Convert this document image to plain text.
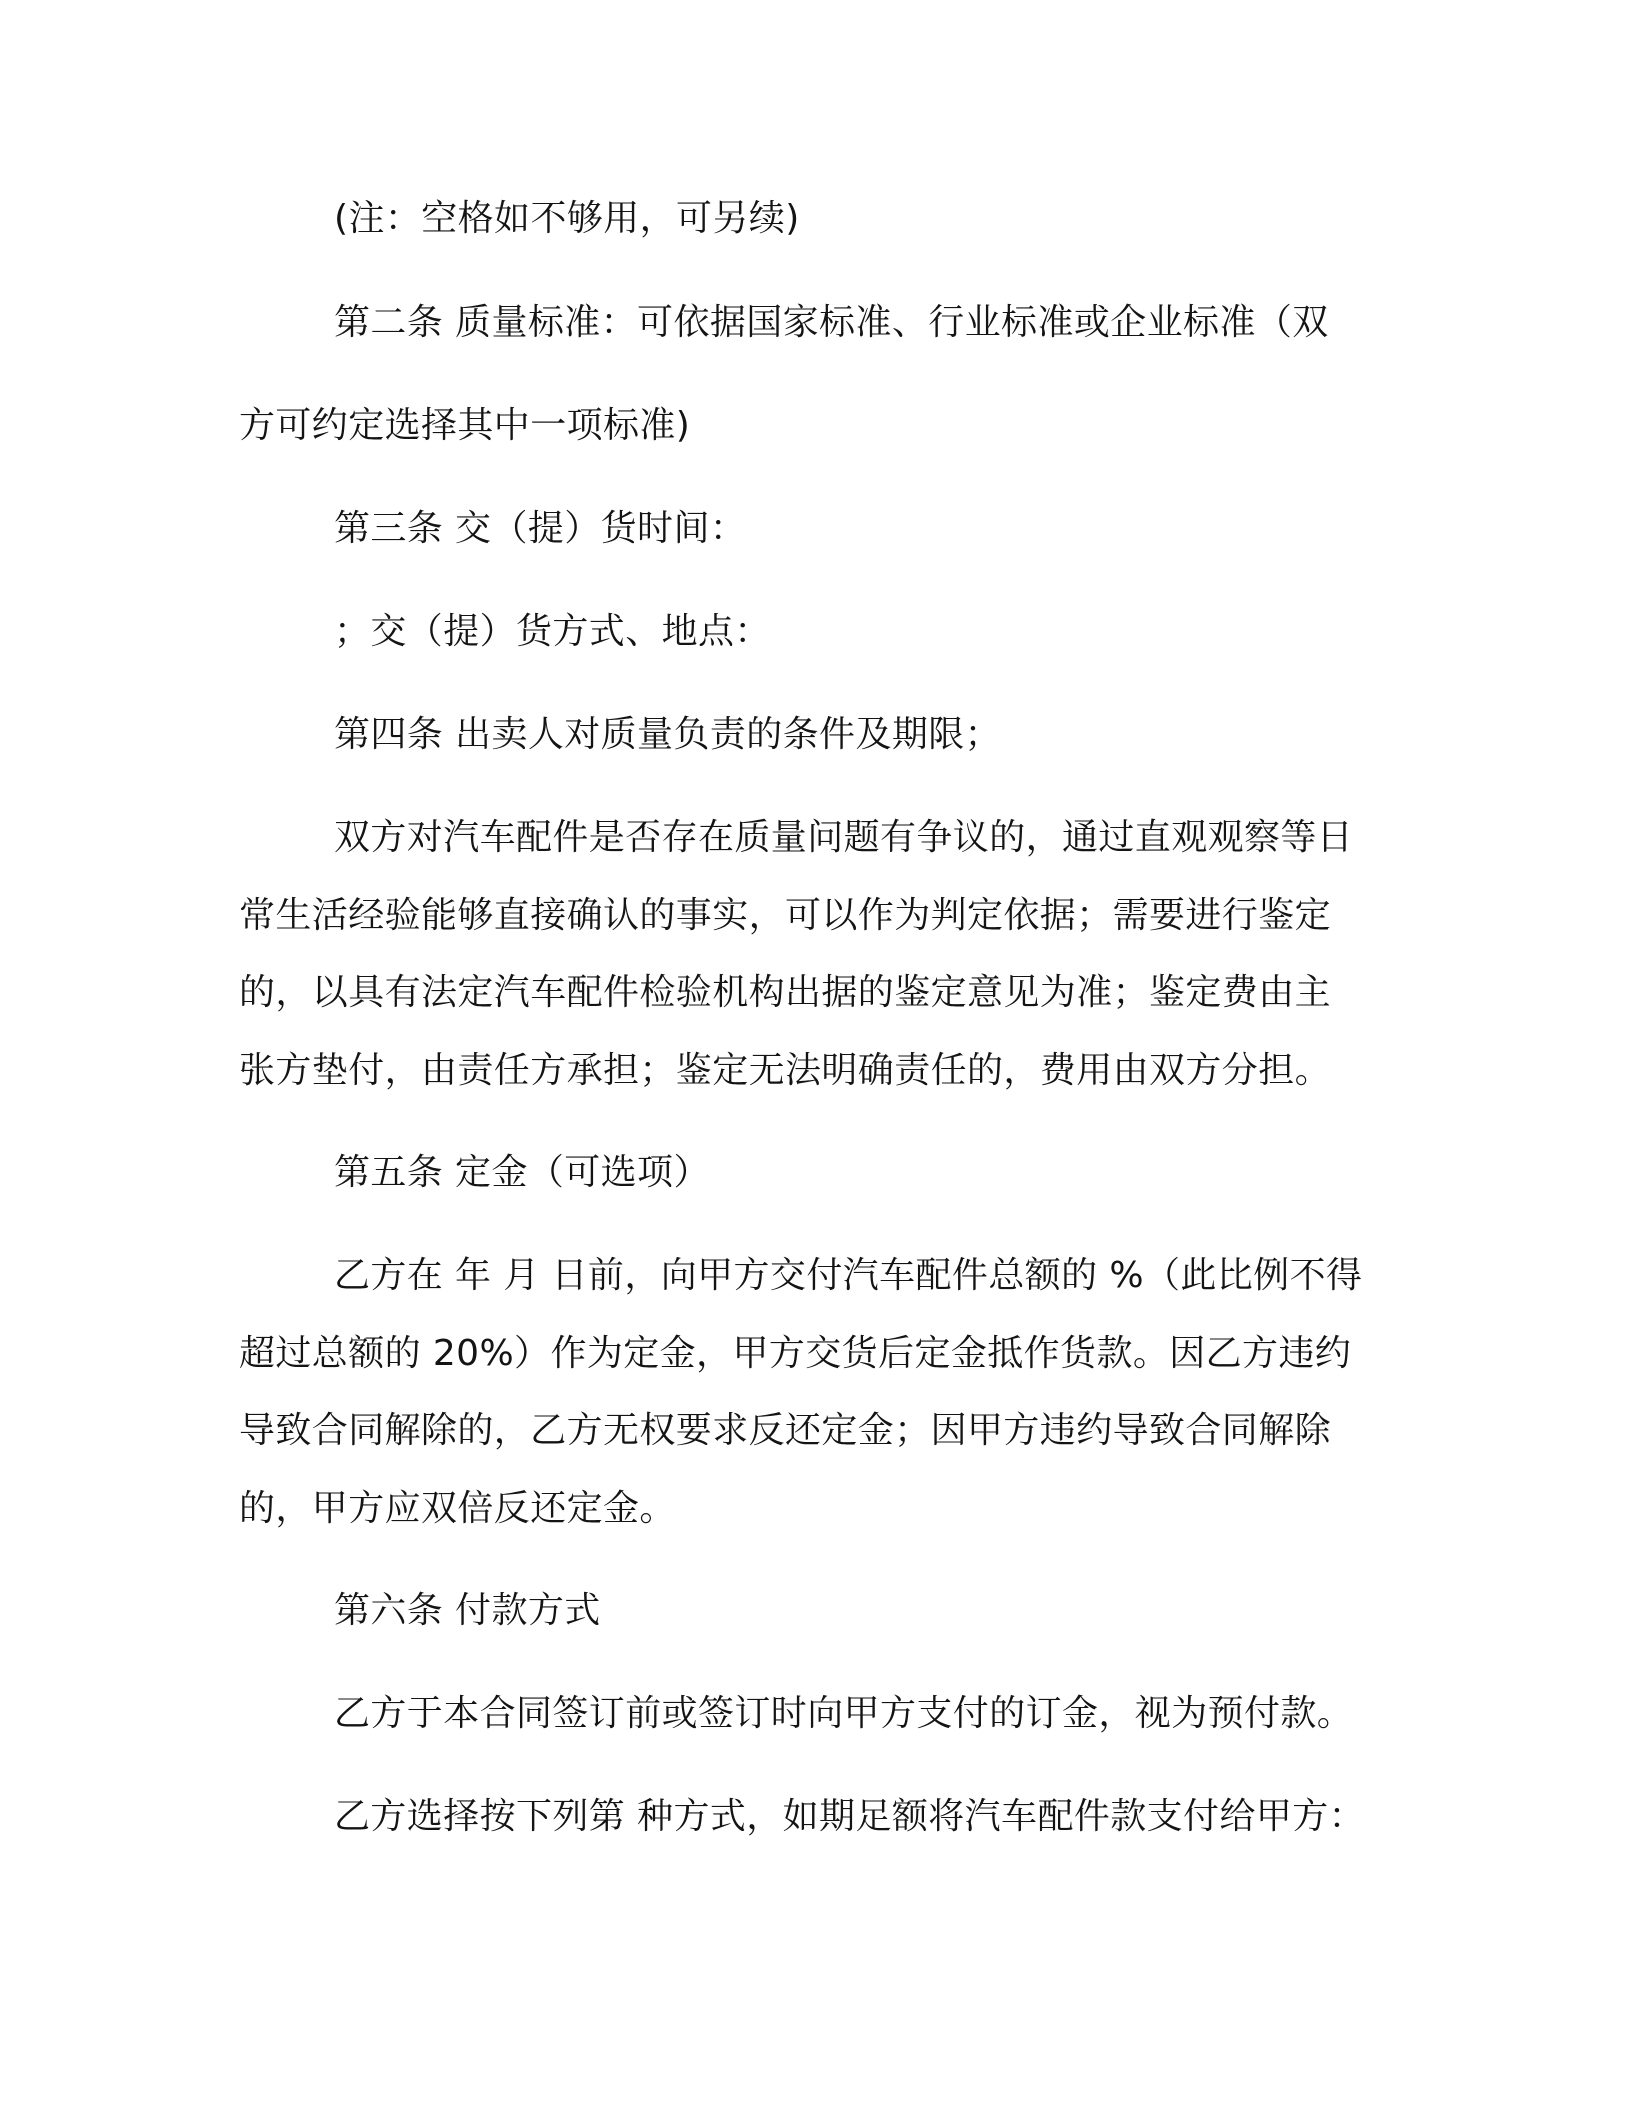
(注：空格如不够用，可另续)

第二条 质量标准：可依据国家标准、行业标准或企业标准（双

方可约定选择其中一项标准)

第三条 交（提）货时间：

；交（提）货方式、地点：

第四条 出卖人对质量负责的条件及期限；

双方对汽车配件是否存在质量问题有争议的，通过直观观察等日

常生活经验能够直接确认的事实，可以作为判定依据；需要进行鉴定

的，以具有法定汽车配件检验机构出据的鉴定意见为准；鉴定费由主

张方垫付，由责任方承担；鉴定无法明确责任的，费用由双方分担。

第五条 定金（可选项）

乙方在 年 月 日前，向甲方交付汽车配件总额的 %（此比例不得

超过总额的 20%）作为定金，甲方交货后定金抵作货款。因乙方违约

导致合同解除的，乙方无权要求反还定金；因甲方违约导致合同解除

的，甲方应双倍反还定金。

第六条 付款方式

乙方于本合同签订前或签订时向甲方支付的订金，视为预付款。

乙方选择按下列第 种方式，如期足额将汽车配件款支付给甲方：
